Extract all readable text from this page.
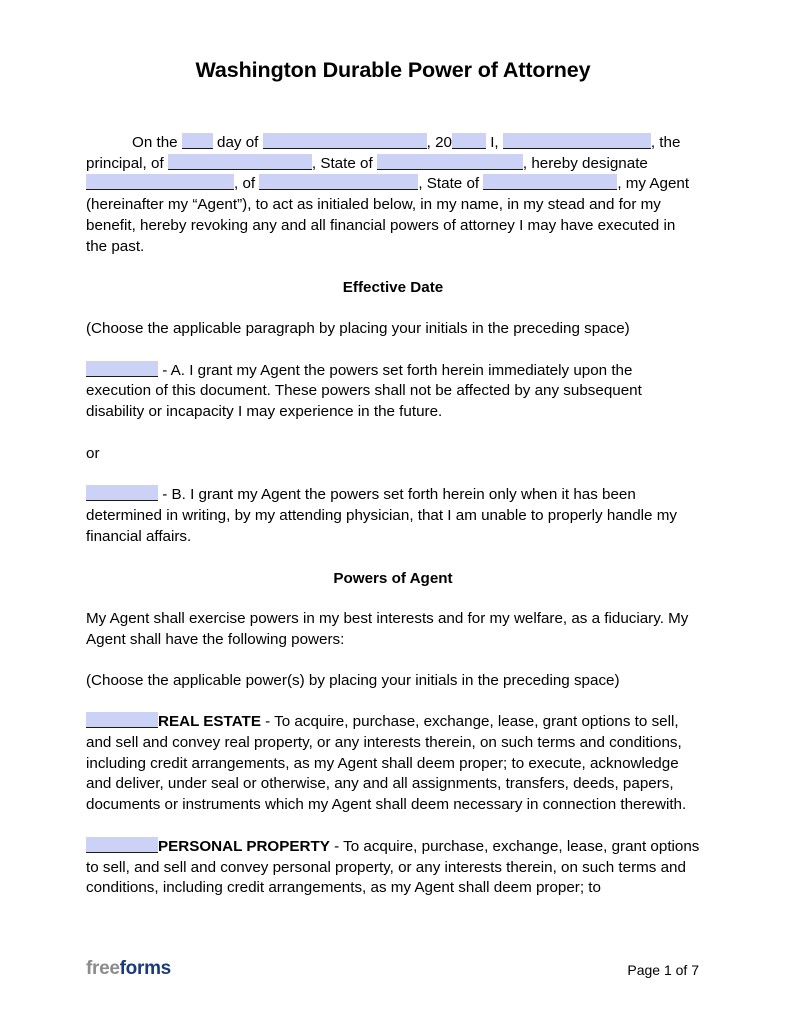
Washington Durable Power of Attorney

On the  day of	, 20 I,	, the principal, of	, State of	, hereby designate , of	, State of	, my Agent (hereinafter my “Agent”), to act as initialed below, in my name, in my stead and for my benefit, hereby revoking any and all financial powers of attorney I may have executed in the past.

Effective Date

(Choose the applicable paragraph by placing your initials in the preceding space)

- A. I grant my Agent the powers set forth herein immediately upon the execution of this document. These powers shall not be affected by any subsequent disability or incapacity I may experience in the future.

or

- B. I grant my Agent the powers set forth herein only when it has been determined in writing, by my attending physician, that I am unable to properly handle my financial affairs.

Powers of Agent

My Agent shall exercise powers in my best interests and for my welfare, as a fiduciary. My Agent shall have the following powers:

(Choose the applicable power(s) by placing your initials in the preceding space)

REAL ESTATE - To acquire, purchase, exchange, lease, grant options to sell, and sell and convey real property, or any interests therein, on such terms and conditions, including credit arrangements, as my Agent shall deem proper; to execute, acknowledge and deliver, under seal or otherwise, any and all assignments, transfers, deeds, papers, documents or instruments which my Agent shall deem necessary in connection therewith.

PERSONAL PROPERTY - To acquire, purchase, exchange, lease, grant options to sell, and sell and convey personal property, or any interests therein, on such terms and conditions, including credit arrangements, as my Agent shall deem proper; to

freeforms	Page 1 of 7
